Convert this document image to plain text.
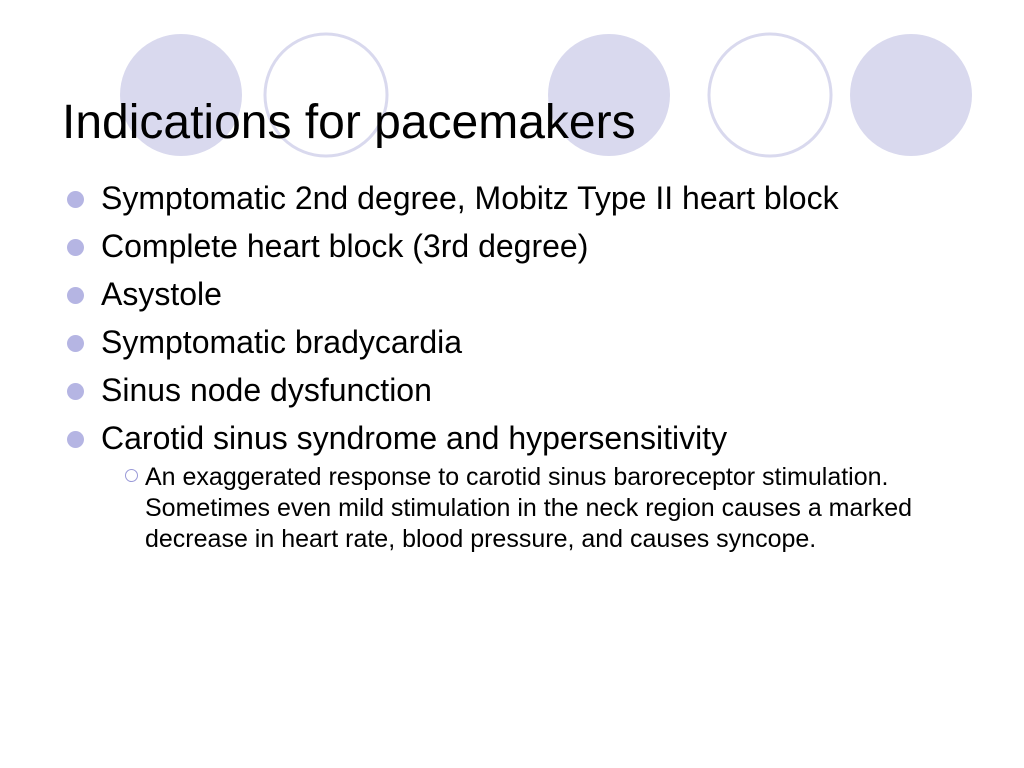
Indications for pacemakers
Symptomatic 2nd degree, Mobitz Type II heart block
Complete heart block (3rd degree)
Asystole
Symptomatic bradycardia
Sinus node dysfunction
Carotid sinus syndrome and hypersensitivity
An exaggerated response to carotid sinus baroreceptor stimulation. Sometimes even mild stimulation in the neck region causes a marked decrease in heart rate, blood pressure, and causes syncope.
